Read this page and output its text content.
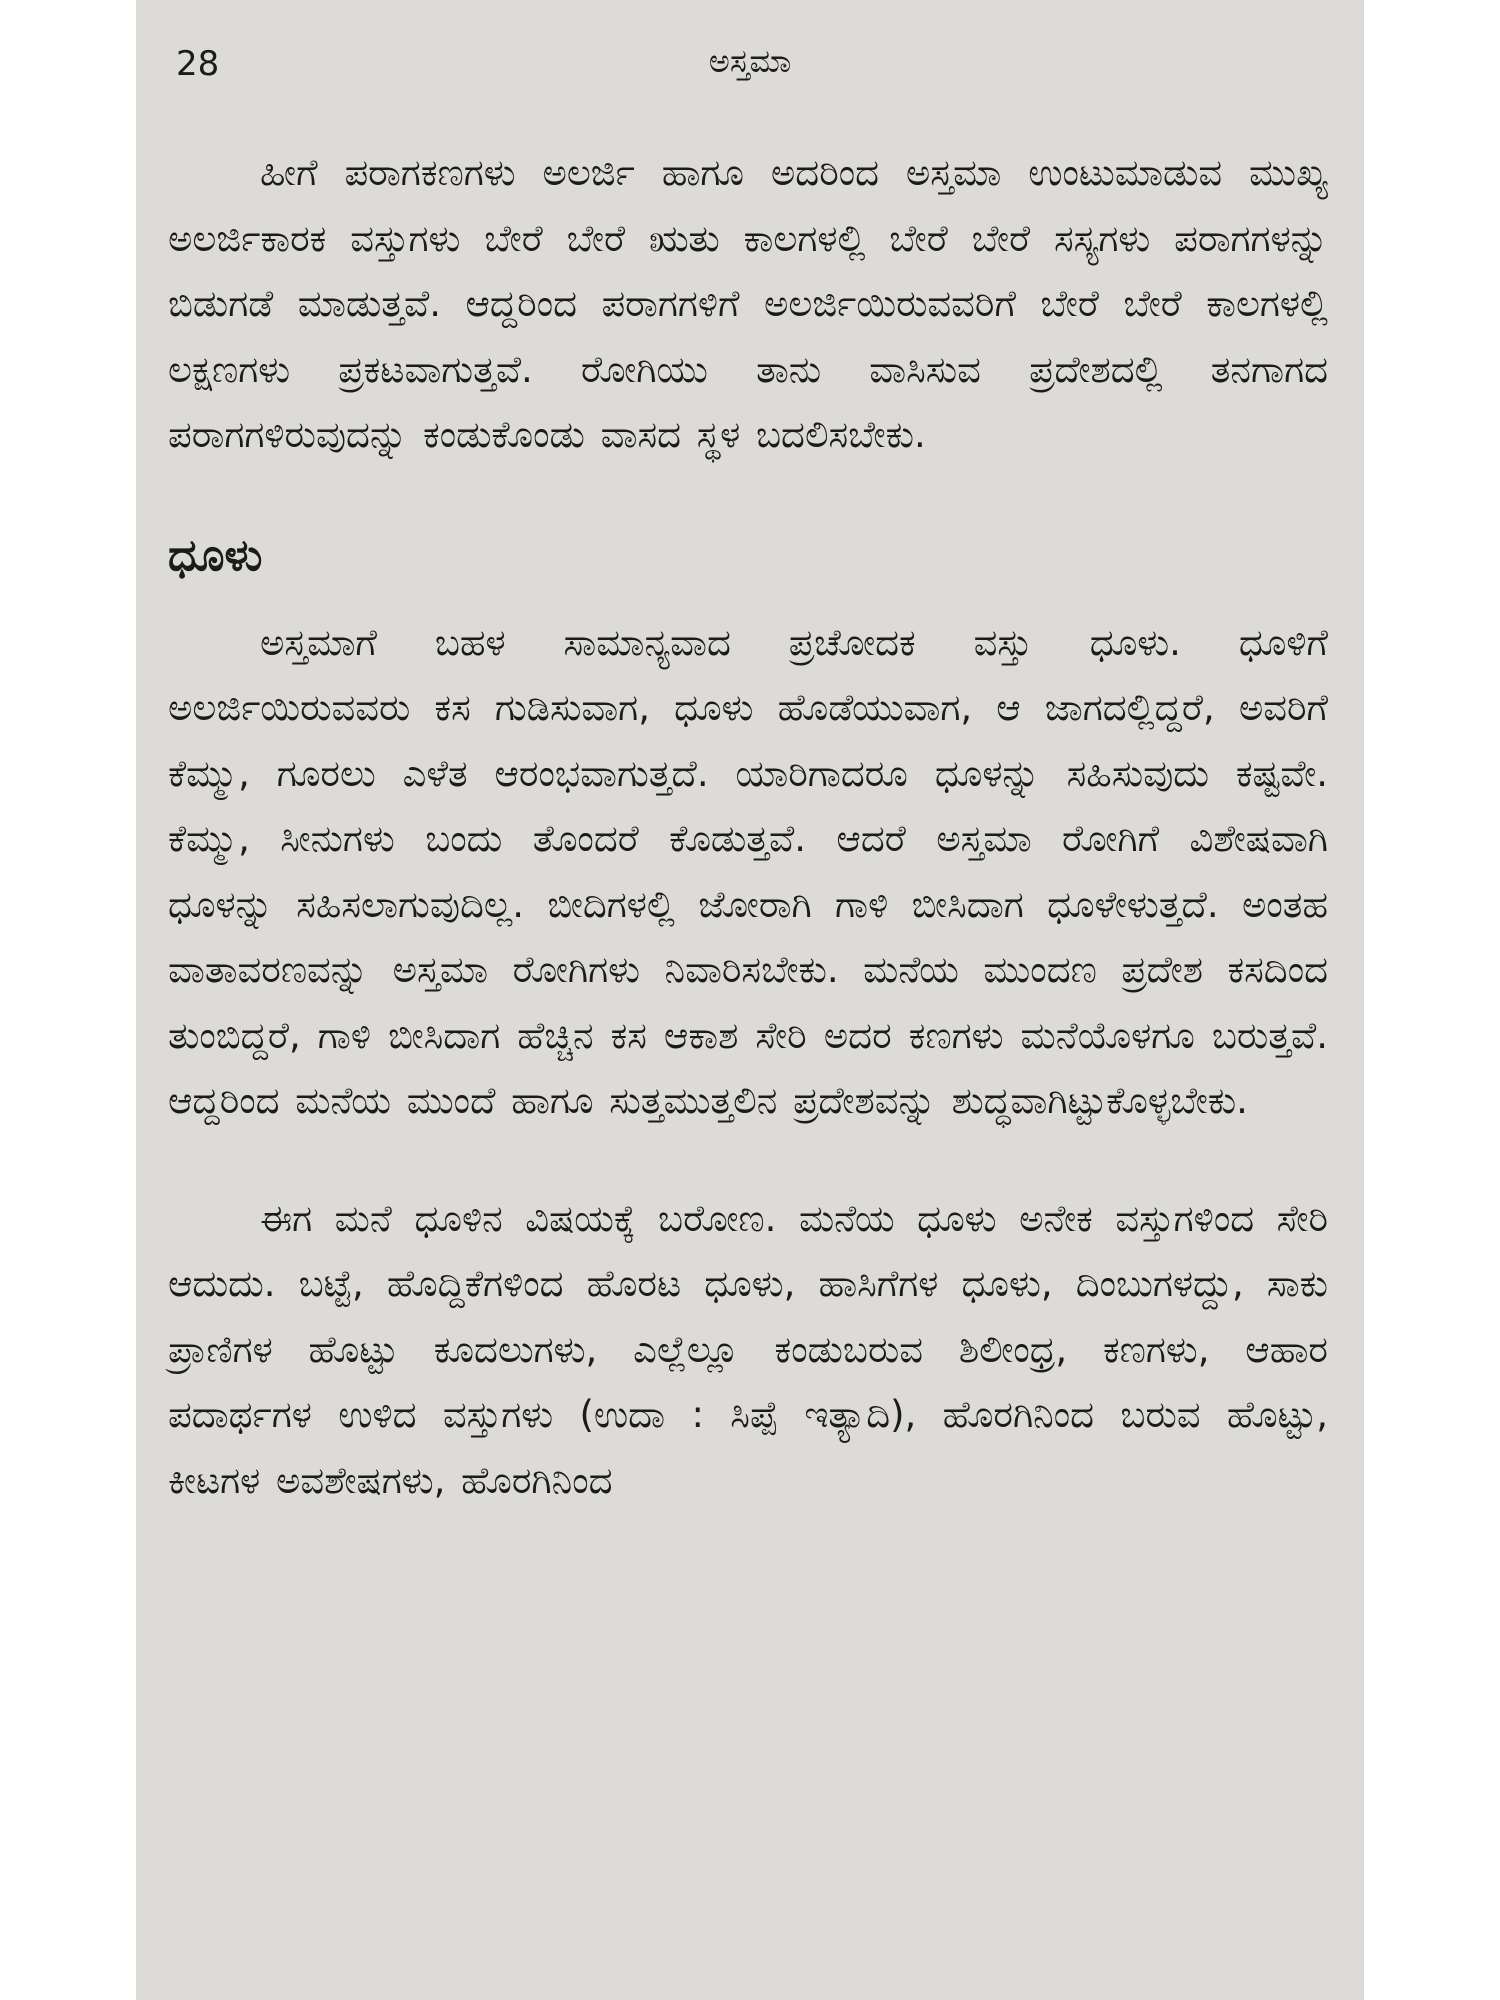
28	ಅಸ್ತಮಾ

ಹೀಗೆ ಪರಾಗಕಣಗಳು ಅಲರ್ಜಿ ಹಾಗೂ ಅದರಿಂದ ಅಸ್ತಮಾ ಉಂಟುಮಾಡುವ ಮುಖ್ಯ ಅಲರ್ಜಿಕಾರಕ ವಸ್ತುಗಳು ಬೇರೆ ಬೇರೆ ಋತು ಕಾಲಗಳಲ್ಲಿ ಬೇರೆ ಬೇರೆ ಸಸ್ಯಗಳು ಪರಾಗಗಳನ್ನು ಬಿಡುಗಡೆ ಮಾಡುತ್ತವೆ. ಆದ್ದರಿಂದ ಪರಾಗಗಳಿಗೆ ಅಲರ್ಜಿಯಿರುವವರಿಗೆ ಬೇರೆ ಬೇರೆ ಕಾಲಗಳಲ್ಲಿ ಲಕ್ಷಣಗಳು ಪ್ರಕಟವಾಗುತ್ತವೆ. ರೋಗಿಯು ತಾನು ವಾಸಿಸುವ ಪ್ರದೇಶದಲ್ಲಿ ತನಗಾಗದ ಪರಾಗಗಳಿರುವುದನ್ನು ಕಂಡುಕೊಂಡು ವಾಸದ ಸ್ಥಳ ಬದಲಿಸಬೇಕು.

ಧೂಳು

ಅಸ್ತಮಾಗೆ ಬಹಳ ಸಾಮಾನ್ಯವಾದ ಪ್ರಚೋದಕ ವಸ್ತು ಧೂಳು. ಧೂಳಿಗೆ ಅಲರ್ಜಿಯಿರುವವರು ಕಸ ಗುಡಿಸುವಾಗ, ಧೂಳು ಹೊಡೆಯುವಾಗ, ಆ ಜಾಗದಲ್ಲಿದ್ದರೆ, ಅವರಿಗೆ ಕೆಮ್ಮು, ಗೂರಲು ಎಳೆತ ಆರಂಭವಾಗುತ್ತದೆ. ಯಾರಿಗಾದರೂ ಧೂಳನ್ನು ಸಹಿಸುವುದು ಕಷ್ಟವೇ. ಕೆಮ್ಮು, ಸೀನುಗಳು ಬಂದು ತೊಂದರೆ ಕೊಡುತ್ತವೆ. ಆದರೆ ಅಸ್ತಮಾ ರೋಗಿಗೆ ವಿಶೇಷವಾಗಿ ಧೂಳನ್ನು ಸಹಿಸಲಾಗುವುದಿಲ್ಲ. ಬೀದಿಗಳಲ್ಲಿ ಜೋರಾಗಿ ಗಾಳಿ ಬೀಸಿದಾಗ ಧೂಳೇಳುತ್ತದೆ. ಅಂತಹ ವಾತಾವರಣವನ್ನು ಅಸ್ತಮಾ ರೋಗಿಗಳು ನಿವಾರಿಸಬೇಕು. ಮನೆಯ ಮುಂದಣ ಪ್ರದೇಶ ಕಸದಿಂದ ತುಂಬಿದ್ದರೆ, ಗಾಳಿ ಬೀಸಿದಾಗ ಹೆಚ್ಚಿನ ಕಸ ಆಕಾಶ ಸೇರಿ ಅದರ ಕಣಗಳು ಮನೆಯೊಳಗೂ ಬರುತ್ತವೆ. ಆದ್ದರಿಂದ ಮನೆಯ ಮುಂದೆ ಹಾಗೂ ಸುತ್ತಮುತ್ತಲಿನ ಪ್ರದೇಶವನ್ನು ಶುದ್ಧವಾಗಿಟ್ಟುಕೊಳ್ಳಬೇಕು.

ಈಗ ಮನೆ ಧೂಳಿನ ವಿಷಯಕ್ಕೆ ಬರೋಣ. ಮನೆಯ ಧೂಳು ಅನೇಕ ವಸ್ತುಗಳಿಂದ ಸೇರಿ ಆದುದು. ಬಟ್ಟೆ, ಹೊದ್ದಿಕೆಗಳಿಂದ ಹೊರಟ ಧೂಳು, ಹಾಸಿಗೆಗಳ ಧೂಳು, ದಿಂಬುಗಳದ್ದು, ಸಾಕು ಪ್ರಾಣಿಗಳ ಹೊಟ್ಟು ಕೂದಲುಗಳು, ಎಲ್ಲೆಲ್ಲೂ ಕಂಡುಬರುವ ಶಿಲೀಂಧ್ರ, ಕಣಗಳು, ಆಹಾರ ಪದಾರ್ಥಗಳ ಉಳಿದ ವಸ್ತುಗಳು (ಉದಾ : ಸಿಪ್ಪೆ ಇತ್ಯಾದಿ), ಹೊರಗಿನಿಂದ ಬರುವ ಹೊಟ್ಟು, ಕೀಟಗಳ ಅವಶೇಷಗಳು, ಹೊರಗಿನಿಂದ
